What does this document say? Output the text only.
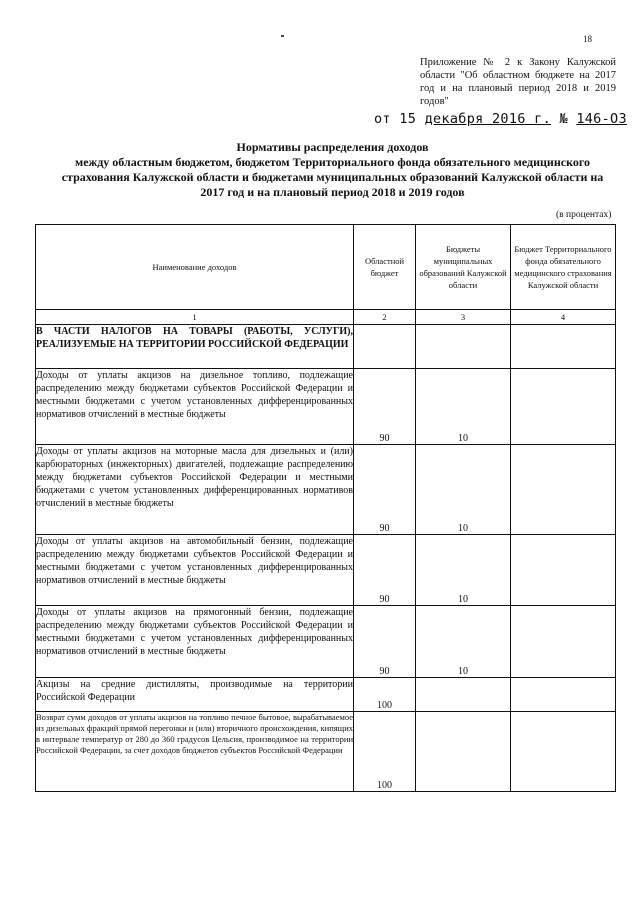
18
Приложение № 2 к Закону Калужской области "Об областном бюджете на 2017 год и на плановый период 2018 и 2019 годов"
от 15 декабря 2016 г. № 146-ОЗ
Нормативы распределения доходов
между областным бюджетом, бюджетом Территориального фонда обязательного медицинского страхования Калужской области и бюджетами муниципальных образований Калужской области на 2017 год и на плановый период 2018 и 2019 годов
(в процентах)
Наименование доходов	Областной бюджет	Бюджеты муниципальных образований Калужской области	Бюджет Территориального фонда обязательного медицинского страхования Калужской области
1	2	3	4
В ЧАСТИ НАЛОГОВ НА ТОВАРЫ (РАБОТЫ, УСЛУГИ), РЕАЛИЗУЕМЫЕ НА ТЕРРИТОРИИ РОССИЙСКОЙ ФЕДЕРАЦИИ			
Доходы от уплаты акцизов на дизельное топливо, подлежащие распределению между бюджетами субъектов Российской Федерации и местными бюджетами с учетом установленных дифференцированных нормативов отчислений в местные бюджеты	90	10	
Доходы от уплаты акцизов на моторные масла для дизельных и (или) карбюраторных (инжекторных) двигателей, подлежащие распределению между бюджетами субъектов Российской Федерации и местными бюджетами с учетом установленных дифференцированных нормативов отчислений в местные бюджеты	90	10	
Доходы от уплаты акцизов на автомобильный бензин, подлежащие распределению между бюджетами субъектов Российской Федерации и местными бюджетами с учетом установленных дифференцированных нормативов отчислений в местные бюджеты	90	10	
Доходы от уплаты акцизов на прямогонный бензин, подлежащие распределению между бюджетами субъектов Российской Федерации и местными бюджетами с учетом установленных дифференцированных нормативов отчислений в местные бюджеты	90	10	
Акцизы на средние дистилляты, производимые на территории Российской Федерации	100		
Возврат сумм доходов от уплаты акцизов на топливо печное бытовое, вырабатываемое из дизельных фракций прямой перегонки и (или) вторичного происхождения, кипящих в интервале температур от 280 до 360 градусов Цельсия, производимое на территории Российской Федерации, за счет доходов бюджетов субъектов Российской Федерации	100		
